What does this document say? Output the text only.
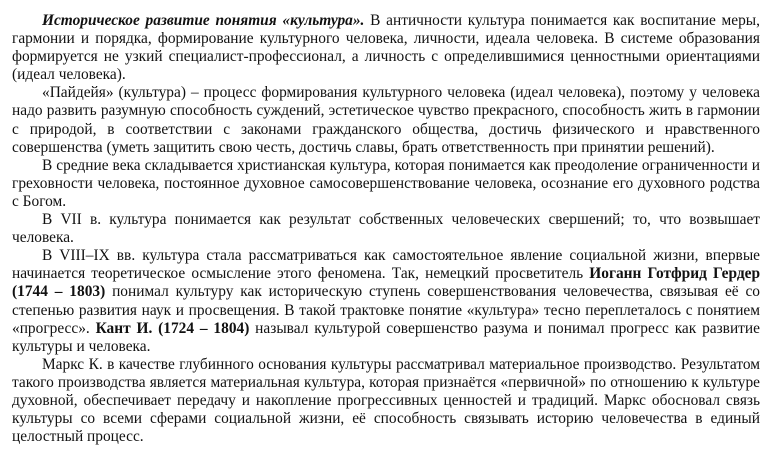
Историческое развитие понятия «культура». В античности культура понимается как воспитание меры, гармонии и порядка, формирование культурного человека, личности, идеала человека. В системе образования формируется не узкий специалист-профессионал, а личность с определившимися ценностными ориентациями (идеал человека).

«Пайдейя» (культура) – процесс формирования культурного человека (идеал человека), поэтому у человека надо развить разумную способность суждений, эстетическое чувство прекрасного, способность жить в гармонии с природой, в соответствии с законами гражданского общества, достичь физического и нравственного совершенства (уметь защитить свою честь, достичь славы, брать ответственность при принятии решений).

В средние века складывается христианская культура, которая понимается как преодоление ограниченности и греховности человека, постоянное духовное самосовершенствование человека, осознание его духовного родства с Богом.

В VII в. культура понимается как результат собственных человеческих свершений; то, что возвышает человека.

В VIII–IX вв. культура стала рассматриваться как самостоятельное явление социальной жизни, впервые начинается теоретическое осмысление этого феномена. Так, немецкий просветитель Иоганн Готфрид Гердер (1744 – 1803) понимал культуру как историческую ступень совершенствования человечества, связывая её со степенью развития наук и просвещения. В такой трактовке понятие «культура» тесно переплеталось с понятием «прогресс». Кант И. (1724 – 1804) называл культурой совершенство разума и понимал прогресс как развитие культуры и человека.

Маркс К. в качестве глубинного основания культуры рассматривал материальное производство. Результатом такого производства является материальная культура, которая признаётся «первичной» по отношению к культуре духовной, обеспечивает передачу и накопление прогрессивных ценностей и традиций. Маркс обосновал связь культуры со всеми сферами социальной жизни, её способность связывать историю человечества в единый целостный процесс.
